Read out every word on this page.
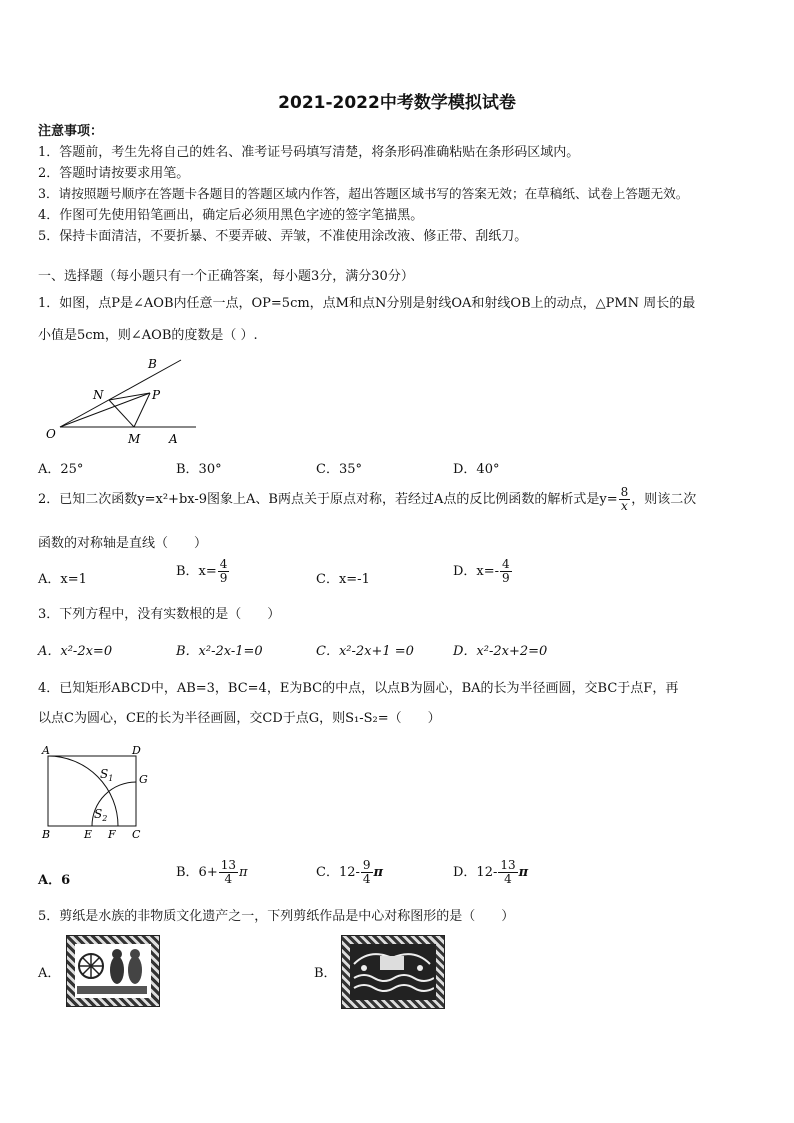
2021-2022中考数学模拟试卷
注意事项：
1．答题前，考生先将自己的姓名、准考证号码填写清楚，将条形码准确粘贴在条形码区域内。
2．答题时请按要求用笔。
3．请按照题号顺序在答题卡各题目的答题区域内作答，超出答题区域书写的答案无效；在草稿纸、试卷上答题无效。
4．作图可先使用铅笔画出，确定后必须用黑色字迹的签字笔描黑。
5．保持卡面清洁，不要折暴、不要弄破、弄皱，不准使用涂改液、修正带、刮纸刀。
一、选择题（每小题只有一个正确答案，每小题3分，满分30分）
1．如图，点P是∠AOB内任意一点，OP=5cm，点M和点N分别是射线OA和射线OB上的动点，△PMN 周长的最
小值是5cm，则∠AOB的度数是（ ）.
B
N	P
O	M A
A．25°	B．30°	C．35°	D．40°
2．已知二次函数y=x²+bx-9图象上A、B两点关于原点对称，若经过A点的反比例函数的解析式是$y= \frac{8}{x}$ ，则该二次
函数的对称轴是直线（　　）
A．x=1
B．$x= \frac{4}{9}$	C．x=-1
D．$x=- \frac{4}{9}$
3．下列方程中，没有实数根的是（　　）
A．x²-2x=0	B．x²-2x-1=0	C．x²-2x+1 =0	D．x²-2x+2=0
4．已知矩形ABCD中，AB=3，BC=4，E为BC的中点，以点B为圆心，BA的长为半径画圆，交BC于点F，再
以点C为圆心，CE的长为半径画圆，交CD于点G，则S₁-S₂=（　　）
A	D
$S_1$ G
$S_2$
B	E F C
A．6
B．$6+ \frac{13}{4}$ π	C．$12- \frac{9}{4}$ π	D．$12- \frac{13}{4}$ π
5．剪纸是水族的非物质文化遗产之一，下列剪纸作品是中心对称图形的是（　　）
A．	B．
